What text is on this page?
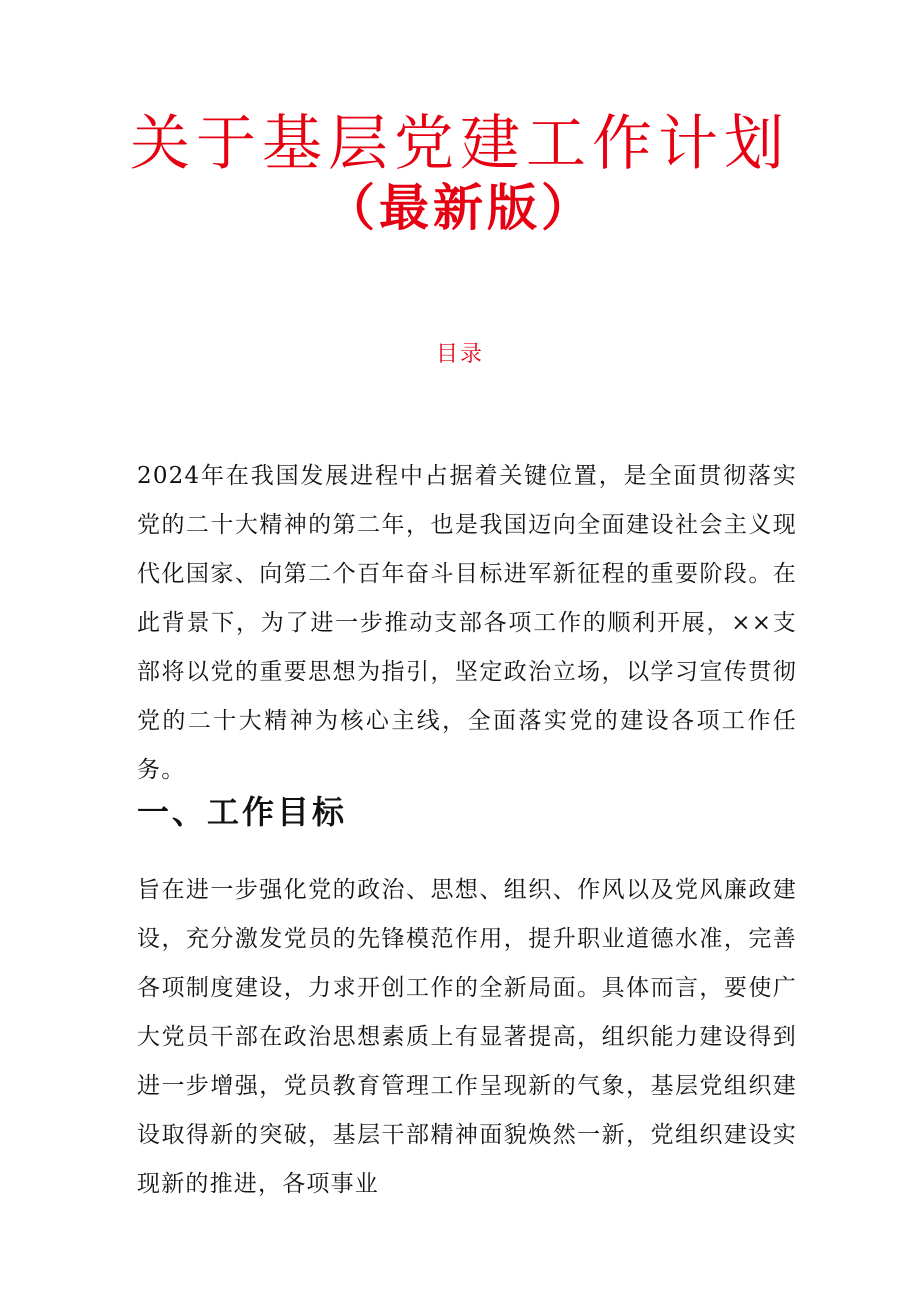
关于基层党建工作计划
（最新版）
目录

2024年在我国发展进程中占据着关键位置，是全面贯彻落实党的二十大精神的第二年，也是我国迈向全面建设社会主义现代化国家、向第二个百年奋斗目标进军新征程的重要阶段。在此背景下，为了进一步推动支部各项工作的顺利开展，××支部将以党的重要思想为指引，坚定政治立场，以学习宣传贯彻党的二十大精神为核心主线，全面落实党的建设各项工作任务。

一、工作目标

旨在进一步强化党的政治、思想、组织、作风以及党风廉政建设，充分激发党员的先锋模范作用，提升职业道德水准，完善各项制度建设，力求开创工作的全新局面。具体而言，要使广大党员干部在政治思想素质上有显著提高，组织能力建设得到进一步增强，党员教育管理工作呈现新的气象，基层党组织建设取得新的突破，基层干部精神面貌焕然一新，党组织建设实现新的推进，各项事业
